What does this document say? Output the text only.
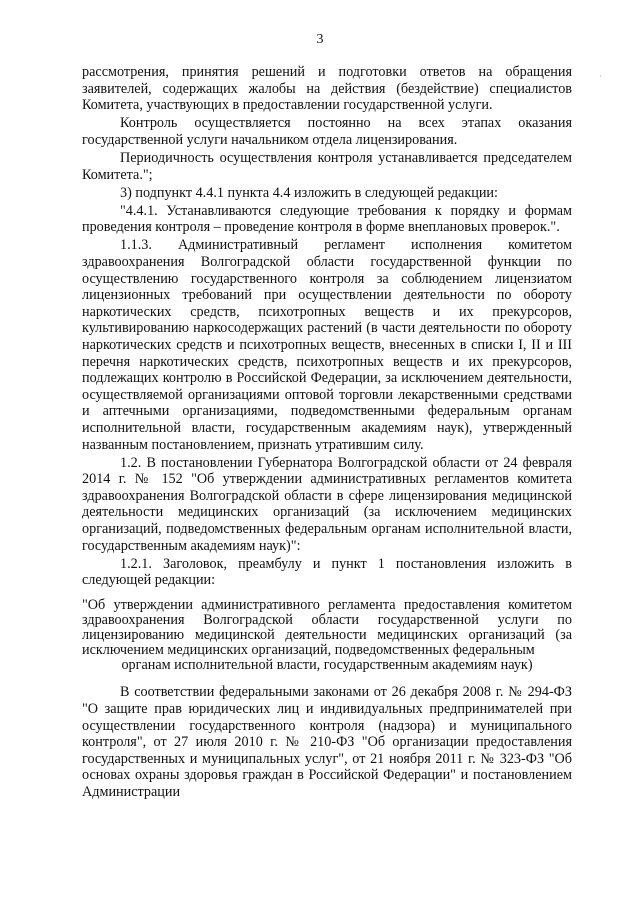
3
·

рассмотрения, принятия решений и подготовки ответов на обращения заявителей, содержащих жалобы на действия (бездействие) специалистов Комитета, участвующих в предоставлении государственной услуги.

Контроль осуществляется постоянно на всех этапах оказания государственной услуги начальником отдела лицензирования.

Периодичность осуществления контроля устанавливается председателем Комитета.";

3) подпункт 4.4.1 пункта 4.4 изложить в следующей редакции:

"4.4.1. Устанавливаются следующие требования к порядку и формам проведения контроля – проведение контроля в форме внеплановых проверок.".

1.1.3. Административный регламент исполнения комитетом здравоохранения Волгоградской области государственной функции по осуществлению государственного контроля за соблюдением лицензиатом лицензионных требований при осуществлении деятельности по обороту наркотических средств, психотропных веществ и их прекурсоров, культивированию наркосодержащих растений (в части деятельности по обороту наркотических средств и психотропных веществ, внесенных в списки I, II и III перечня наркотических средств, психотропных веществ и их прекурсоров, подлежащих контролю в Российской Федерации, за исключением деятельности, осуществляемой организациями оптовой торговли лекарственными средствами и аптечными организациями, подведомственными федеральным органам исполнительной власти, государственным академиям наук), утвержденный названным постановлением, признать утратившим силу.

1.2. В постановлении Губернатора Волгоградской области от 24 февраля 2014 г. № 152 "Об утверждении административных регламентов комитета здравоохранения Волгоградской области в сфере лицензирования медицинской деятельности медицинских организаций (за исключением медицинских организаций, подведомственных федеральным органам исполнительной власти, государственным академиям наук)":

1.2.1. Заголовок, преамбулу и пункт 1 постановления изложить в следующей редакции:

"Об утверждении административного регламента предоставления комитетом здравоохранения Волгоградской области государственной услуги по лицензированию медицинской деятельности медицинских организаций (за исключением медицинских организаций, подведомственных федеральным
органам исполнительной власти, государственным академиям наук)

В соответствии федеральными законами от 26 декабря 2008 г. № 294-ФЗ "О защите прав юридических лиц и индивидуальных предпринимателей при осуществлении государственного контроля (надзора) и муниципального контроля", от 27 июля 2010 г. № 210-ФЗ "Об организации предоставления государственных и муниципальных услуг", от 21 ноября 2011 г. № 323-ФЗ "Об основах охраны здоровья граждан в Российской Федерации" и постановлением Администрации
